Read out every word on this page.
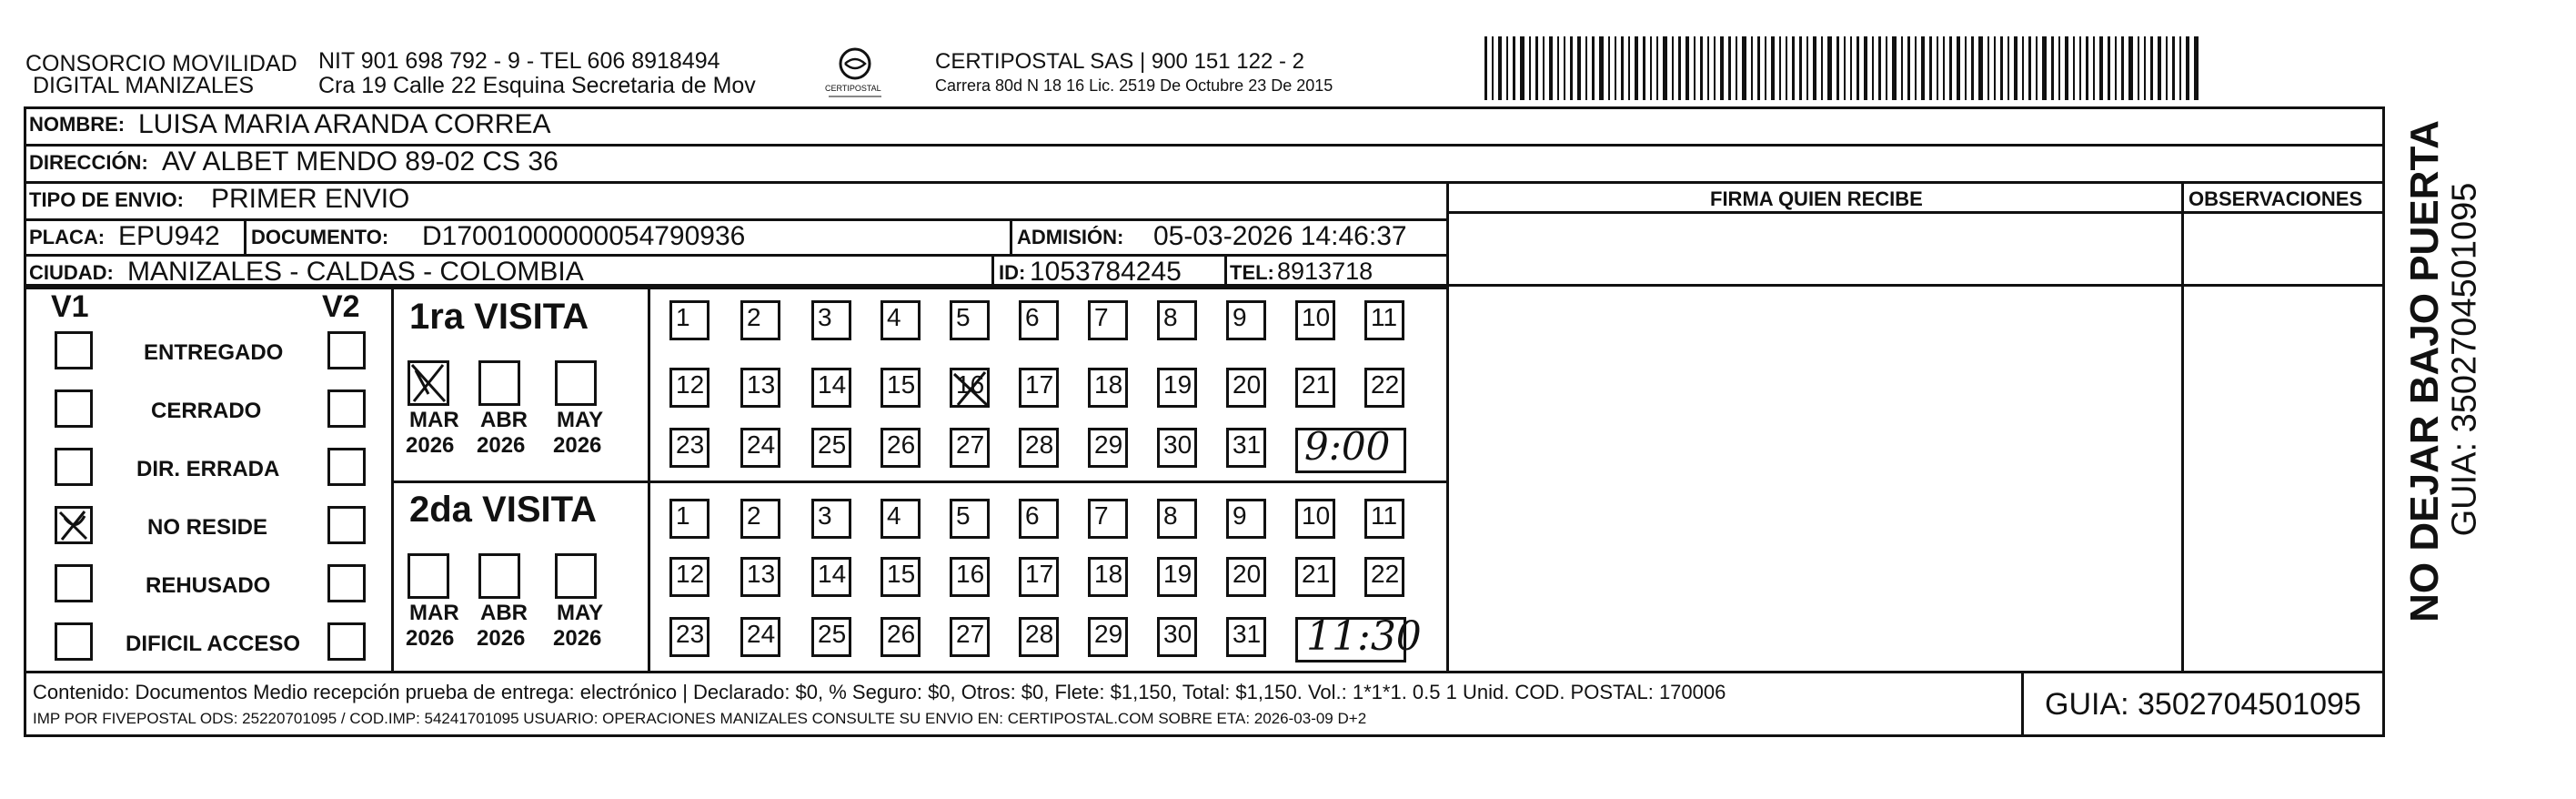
CONSORCIO MOVILIDAD
DIGITAL MANIZALES
NIT 901 698 792 - 9 - TEL 606 8918494
Cra 19 Calle 22 Esquina Secretaria de Mov	CERTIPOSTAL
CERTIPOSTAL SAS | 900 151 122 - 2
Carrera 80d N 18 16 Lic. 2519 De Octubre 23 De 2015
NOMBRE: LUISA MARIA ARANDA CORREA
DIRECCIÓN: AV ALBET MENDO 89-02 CS 36
TIPO DE ENVIO: PRIMER ENVIO
PLACA: EPU942 DOCUMENTO: D17001000000054790936	ADMISIÓN: 05-03-2026 14:46:37
CIUDAD: MANIZALES - CALDAS - COLOMBIA	ID: 1053784245 TEL: 8913718
FIRMA QUIEN RECIBE	OBSERVACIONES
V1	V2
ENTREGADO
CERRADO
DIR. ERRADA
NO RESIDE
REHUSADO
DIFICIL ACCESO
1ra VISITA
2da VISITA
MAR
2026
ABR
2026
MAY
2026
MAR
2026
ABR
2026
MAY
2026
1	2	3	4	5	6	7	8	9	10 11
12 13 14 15 16 17 18 19 20 21 22
23 24 25 26 27 28 29 30 31
1	2	3	4	5	6	7	8	9	10 11
12 13 14 15 16 17 18 19 20 21 22
23 24 25 26 27 28 29 30 31
9:00
11:30
Contenido: Documentos Medio recepción prueba de entrega: electrónico | Declarado: $0, % Seguro: $0, Otros: $0, Flete: $1,150, Total: $1,150. Vol.: 1*1*1. 0.5 1 Unid. COD. POSTAL: 170006
IMP POR FIVEPOSTAL ODS: 25220701095 / COD.IMP: 54241701095 USUARIO: OPERACIONES MANIZALES CONSULTE SU ENVIO EN: CERTIPOSTAL.COM SOBRE ETA: 2026-03-09 D+2	GUIA: 3502704501095
NO DEJAR BAJO PUERTA
GUIA: 3502704501095
